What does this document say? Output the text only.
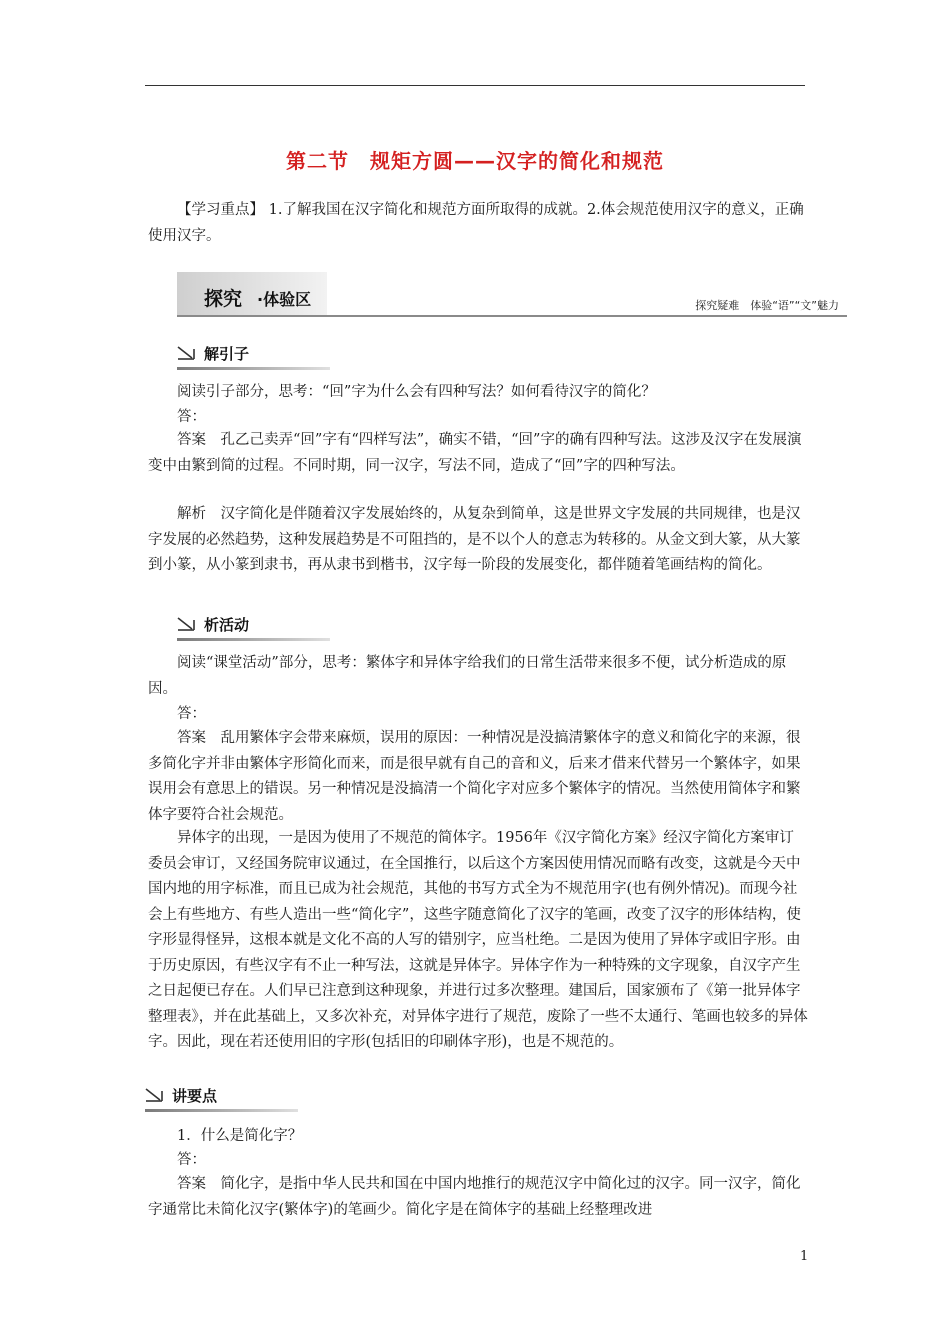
第二节　规矩方圆——汉字的简化和规范
【学习重点】 1.了解我国在汉字简化和规范方面所取得的成就。2.体会规范使用汉字的意义，正确使用汉字。
探究 ·体验区	探究疑难　体验“语”“文”魅力
解引子
阅读引子部分，思考：“回”字为什么会有四种写法？如何看待汉字的简化？
答：
答案　孔乙己卖弄“回”字有“四样写法”，确实不错，“回”字的确有四种写法。这涉及汉字在发展演变中由繁到简的过程。不同时期，同一汉字，写法不同，造成了“回”字的四种写法。
解析　汉字简化是伴随着汉字发展始终的，从复杂到简单，这是世界文字发展的共同规律，也是汉字发展的必然趋势，这种发展趋势是不可阻挡的，是不以个人的意志为转移的。从金文到大篆，从大篆到小篆，从小篆到隶书，再从隶书到楷书，汉字每一阶段的发展变化，都伴随着笔画结构的简化。
析活动
阅读“课堂活动”部分，思考：繁体字和异体字给我们的日常生活带来很多不便，试分析造成的原因。
答：
答案　乱用繁体字会带来麻烦，误用的原因：一种情况是没搞清繁体字的意义和简化字的来源，很多简化字并非由繁体字形简化而来，而是很早就有自己的音和义，后来才借来代替另一个繁体字，如果误用会有意思上的错误。另一种情况是没搞清一个简化字对应多个繁体字的情况。当然使用简体字和繁体字要符合社会规范。
异体字的出现，一是因为使用了不规范的简体字。1956年《汉字简化方案》经汉字简化方案审订委员会审订，又经国务院审议通过，在全国推行，以后这个方案因使用情况而略有改变，这就是今天中国内地的用字标准，而且已成为社会规范，其他的书写方式全为不规范用字(也有例外情况)。而现今社会上有些地方、有些人造出一些“简化字”，这些字随意简化了汉字的笔画，改变了汉字的形体结构，使字形显得怪异，这根本就是文化不高的人写的错别字，应当杜绝。二是因为使用了异体字或旧字形。由于历史原因，有些汉字有不止一种写法，这就是异体字。异体字作为一种特殊的文字现象，自汉字产生之日起便已存在。人们早已注意到这种现象，并进行过多次整理。建国后，国家颁布了《第一批异体字整理表》，并在此基础上，又多次补充，对异体字进行了规范，废除了一些不太通行、笔画也较多的异体字。因此，现在若还使用旧的字形(包括旧的印刷体字形)，也是不规范的。
讲要点
1．什么是简化字？
答：
答案　简化字，是指中华人民共和国在中国内地推行的规范汉字中简化过的汉字。同一汉字，简化字通常比未简化汉字(繁体字)的笔画少。简化字是在简体字的基础上经整理改进
1
